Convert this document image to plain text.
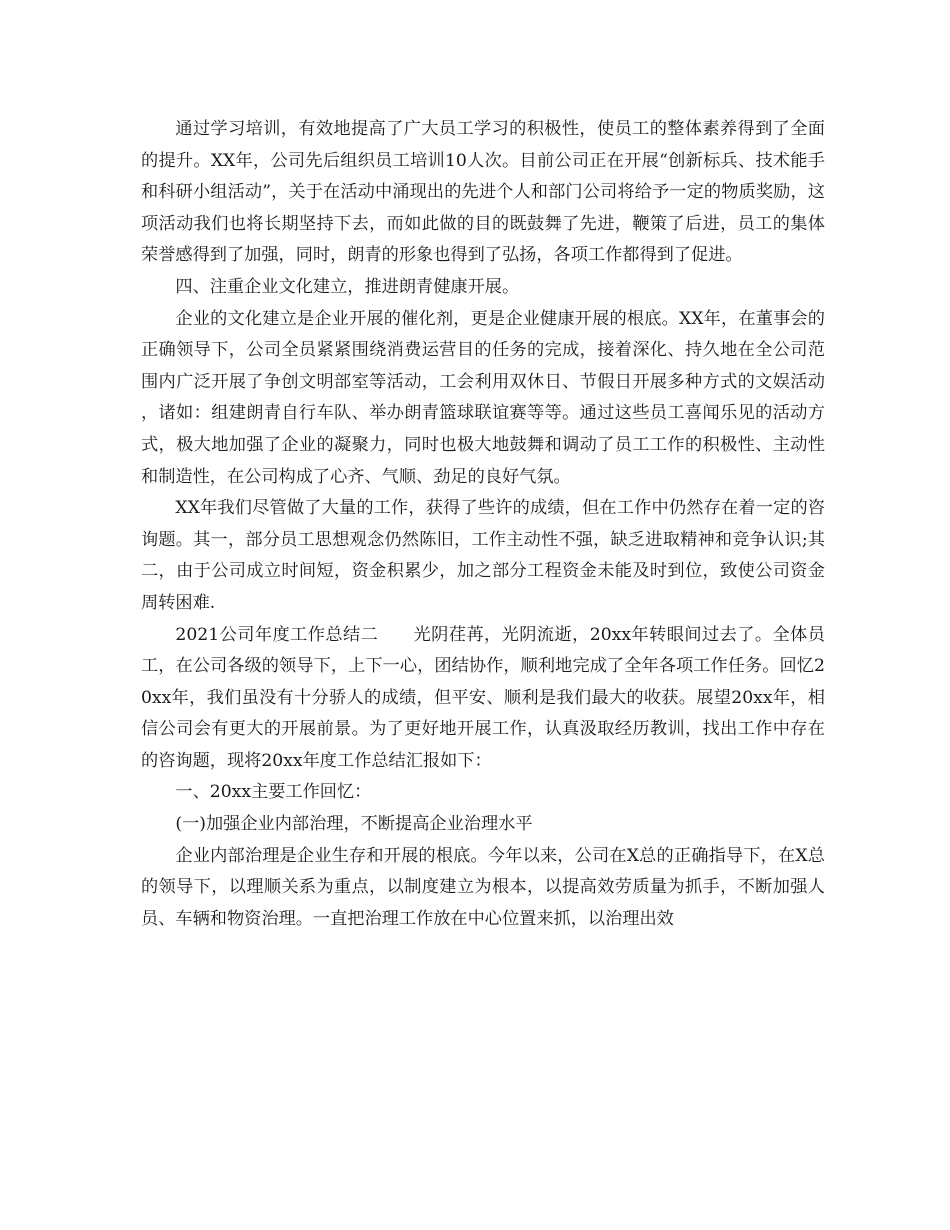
通过学习培训，有效地提高了广大员工学习的积极性，使员工的整体素养得到了全面的提升。XX年，公司先后组织员工培训10人次。目前公司正在开展“创新标兵、技术能手和科研小组活动”，关于在活动中涌现出的先进个人和部门公司将给予一定的物质奖励，这项活动我们也将长期坚持下去，而如此做的目的既鼓舞了先进，鞭策了后进，员工的集体荣誉感得到了加强，同时，朗青的形象也得到了弘扬，各项工作都得到了促进。

四、注重企业文化建立，推进朗青健康开展。

企业的文化建立是企业开展的催化剂，更是企业健康开展的根底。XX年，在董事会的正确领导下，公司全员紧紧围绕消费运营目的任务的完成，接着深化、持久地在全公司范围内广泛开展了争创文明部室等活动，工会利用双休日、节假日开展多种方式的文娱活动，诸如：组建朗青自行车队、举办朗青篮球联谊赛等等。通过这些员工喜闻乐见的活动方式，极大地加强了企业的凝聚力，同时也极大地鼓舞和调动了员工工作的积极性、主动性和制造性，在公司构成了心齐、气顺、劲足的良好气氛。

XX年我们尽管做了大量的工作，获得了些许的成绩，但在工作中仍然存在着一定的咨询题。其一，部分员工思想观念仍然陈旧，工作主动性不强，缺乏进取精神和竞争认识;其二，由于公司成立时间短，资金积累少，加之部分工程资金未能及时到位，致使公司资金周转困难.

2021公司年度工作总结二　　光阴荏苒，光阴流逝，20xx年转眼间过去了。全体员工，在公司各级的领导下，上下一心，团结协作，顺利地完成了全年各项工作任务。回忆20xx年，我们虽没有十分骄人的成绩，但平安、顺利是我们最大的收获。展望20xx年，相信公司会有更大的开展前景。为了更好地开展工作，认真汲取经历教训，找出工作中存在的咨询题，现将20xx年度工作总结汇报如下：

一、20xx主要工作回忆：

(一)加强企业内部治理，不断提高企业治理水平

企业内部治理是企业生存和开展的根底。今年以来，公司在X总的正确指导下，在X总的领导下，以理顺关系为重点，以制度建立为根本，以提高效劳质量为抓手，不断加强人员、车辆和物资治理。一直把治理工作放在中心位置来抓，以治理出效
